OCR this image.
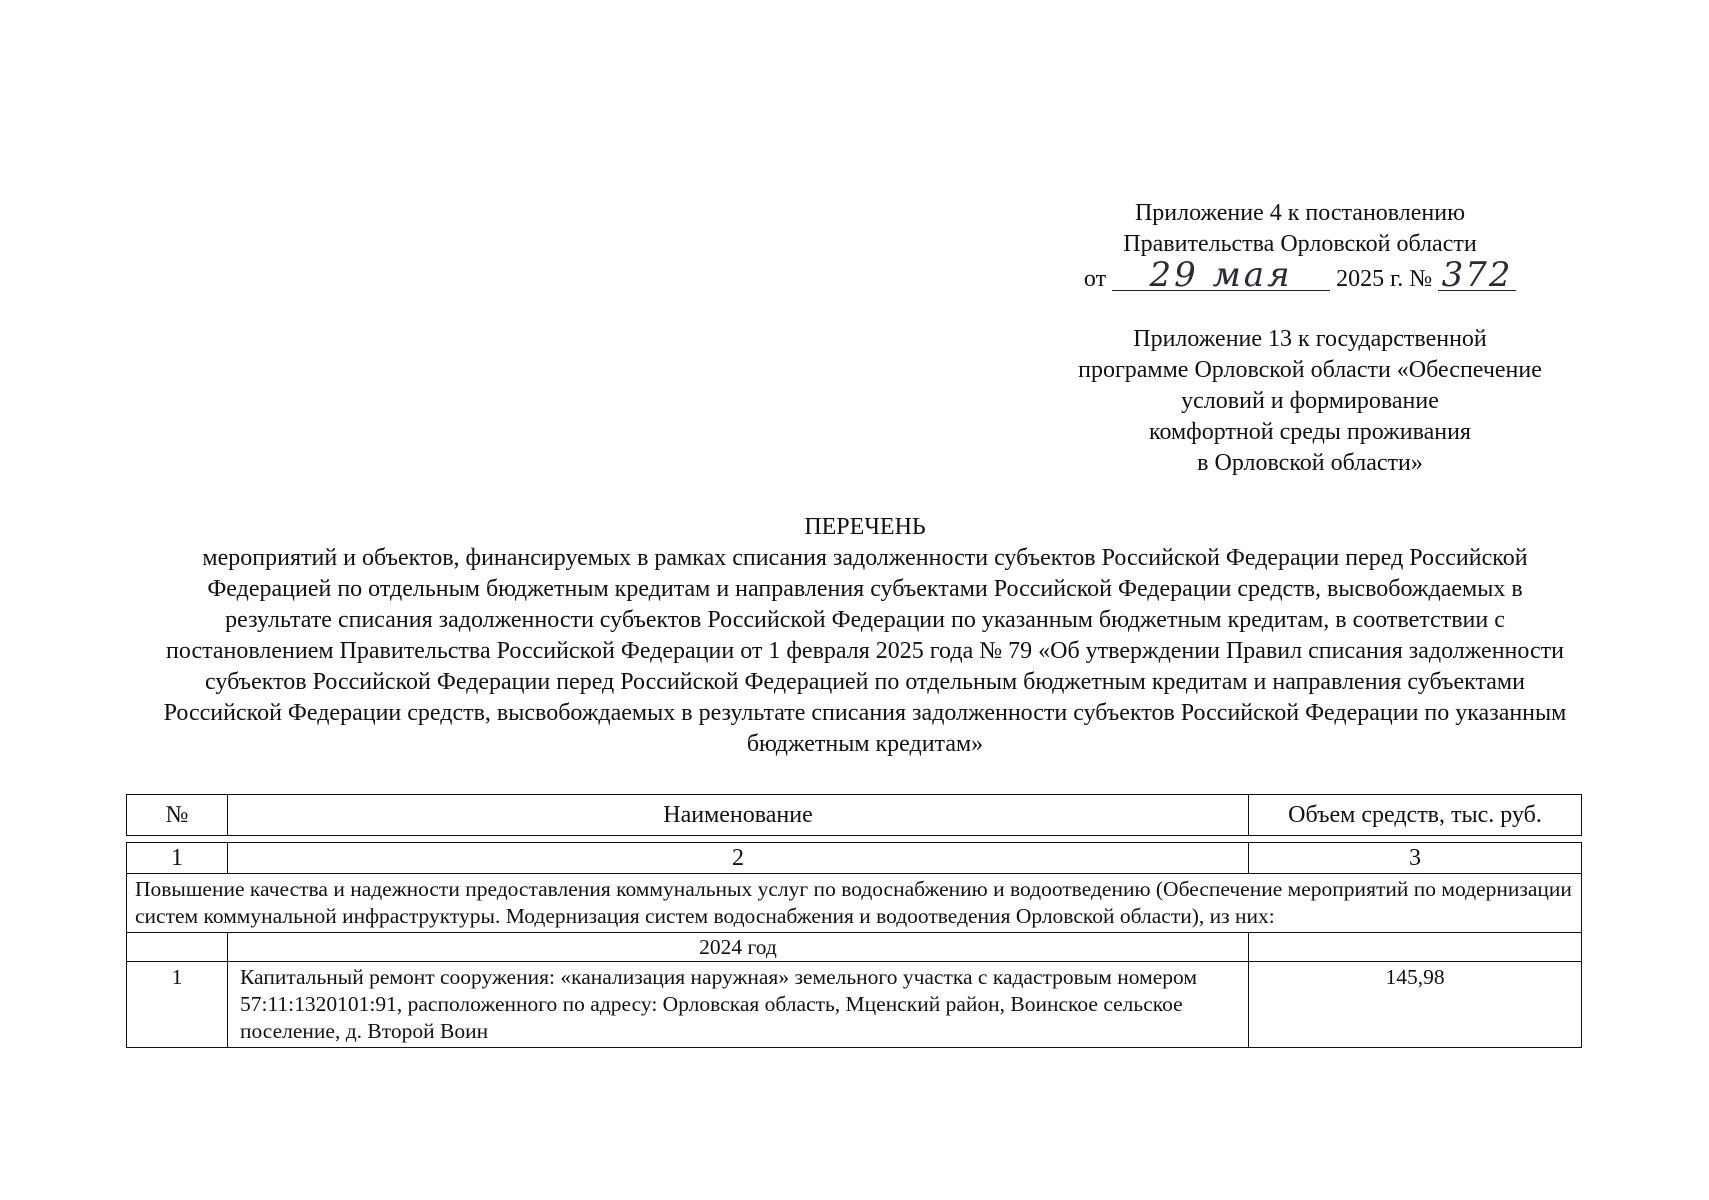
Приложение 4 к постановлению
Правительства Орловской области
от 29 мая 2025 г. № 372
Приложение 13 к государственной
программе Орловской области «Обеспечение
условий и формирование
комфортной среды проживания
в Орловской области»
ПЕРЕЧЕНЬ
мероприятий и объектов, финансируемых в рамках списания задолженности субъектов Российской Федерации перед Российской Федерацией по отдельным бюджетным кредитам и направления субъектами Российской Федерации средств, высвобождаемых в результате списания задолженности субъектов Российской Федерации по указанным бюджетным кредитам, в соответствии с постановлением Правительства Российской Федерации от 1 февраля 2025 года № 79 «Об утверждении Правил списания задолженности субъектов Российской Федерации перед Российской Федерацией по отдельным бюджетным кредитам и направления субъектами Российской Федерации средств, высвобождаемых в результате списания задолженности субъектов Российской Федерации по указанным бюджетным кредитам»
№	Наименование	Объем средств, тыс. руб.

1	2	3
Повышение качества и надежности предоставления коммунальных услуг по водоснабжению и водоотведению (Обеспечение мероприятий по модернизации систем коммунальной инфраструктуры. Модернизация систем водоснабжения и водоотведения Орловской области), из них:		
	2024 год	
1	Капитальный ремонт сооружения: «канализация наружная» земельного участка с кадастровым номером 57:11:1320101:91, расположенного по адресу: Орловская область, Мценский район, Воинское сельское поселение, д. Второй Воин	145,98
